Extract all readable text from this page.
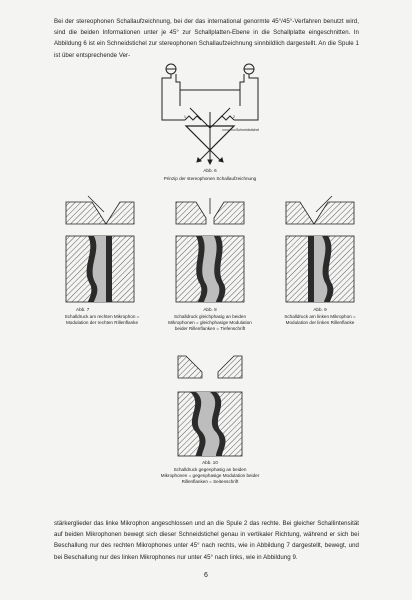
Bei der stereophonen Schallaufzeichnung, bei der das international genormte 45°/45°-Verfahren benutzt wird, sind die beiden Informationen unter je 45° zur Schallplatten-Ebene in die Schallplatte eingeschnitten. In Abbildung 6 ist ein Schneidstichel zur stereophonen Schallaufzeichnung sinnbildlich dargestellt. An die Spule 1 ist über entsprechende Ver-
1	2
Schneidstichel
Abb. 6
Prinzip der stereophonen Schallaufzeichnung
Abb. 7
Schalldruck am rechten Mikrophon = Modulation der rechten Rillenflanke
Abb. 8
Schalldruck gleichphasig an beiden Mikrophonen = gleichphasige Modulation beider Rillenflanken = Tiefenschrift
Abb. 9
Schalldruck am linken Mikrophon = Modulation der linken Rillenflanke
Abb. 10
Schalldruck gegenphasig an beiden Mikrophonen = gegenphasige Modulation beider Rillenflanken = Seitenschrift
stärkerglieder das linke Mikrophon angeschlossen und an die Spule 2 das rechte. Bei gleicher Schallintensität auf beiden Mikrophonen bewegt sich dieser Schneidstichel genau in vertikaler Richtung, während er sich bei Beschallung nur des rechten Mikrophones unter 45° nach rechts, wie in Abbildung 7 dargestellt, bewegt, und bei Beschallung nur des linken Mikrophones nur unter 45° nach links, wie in Abbildung 9.
6
